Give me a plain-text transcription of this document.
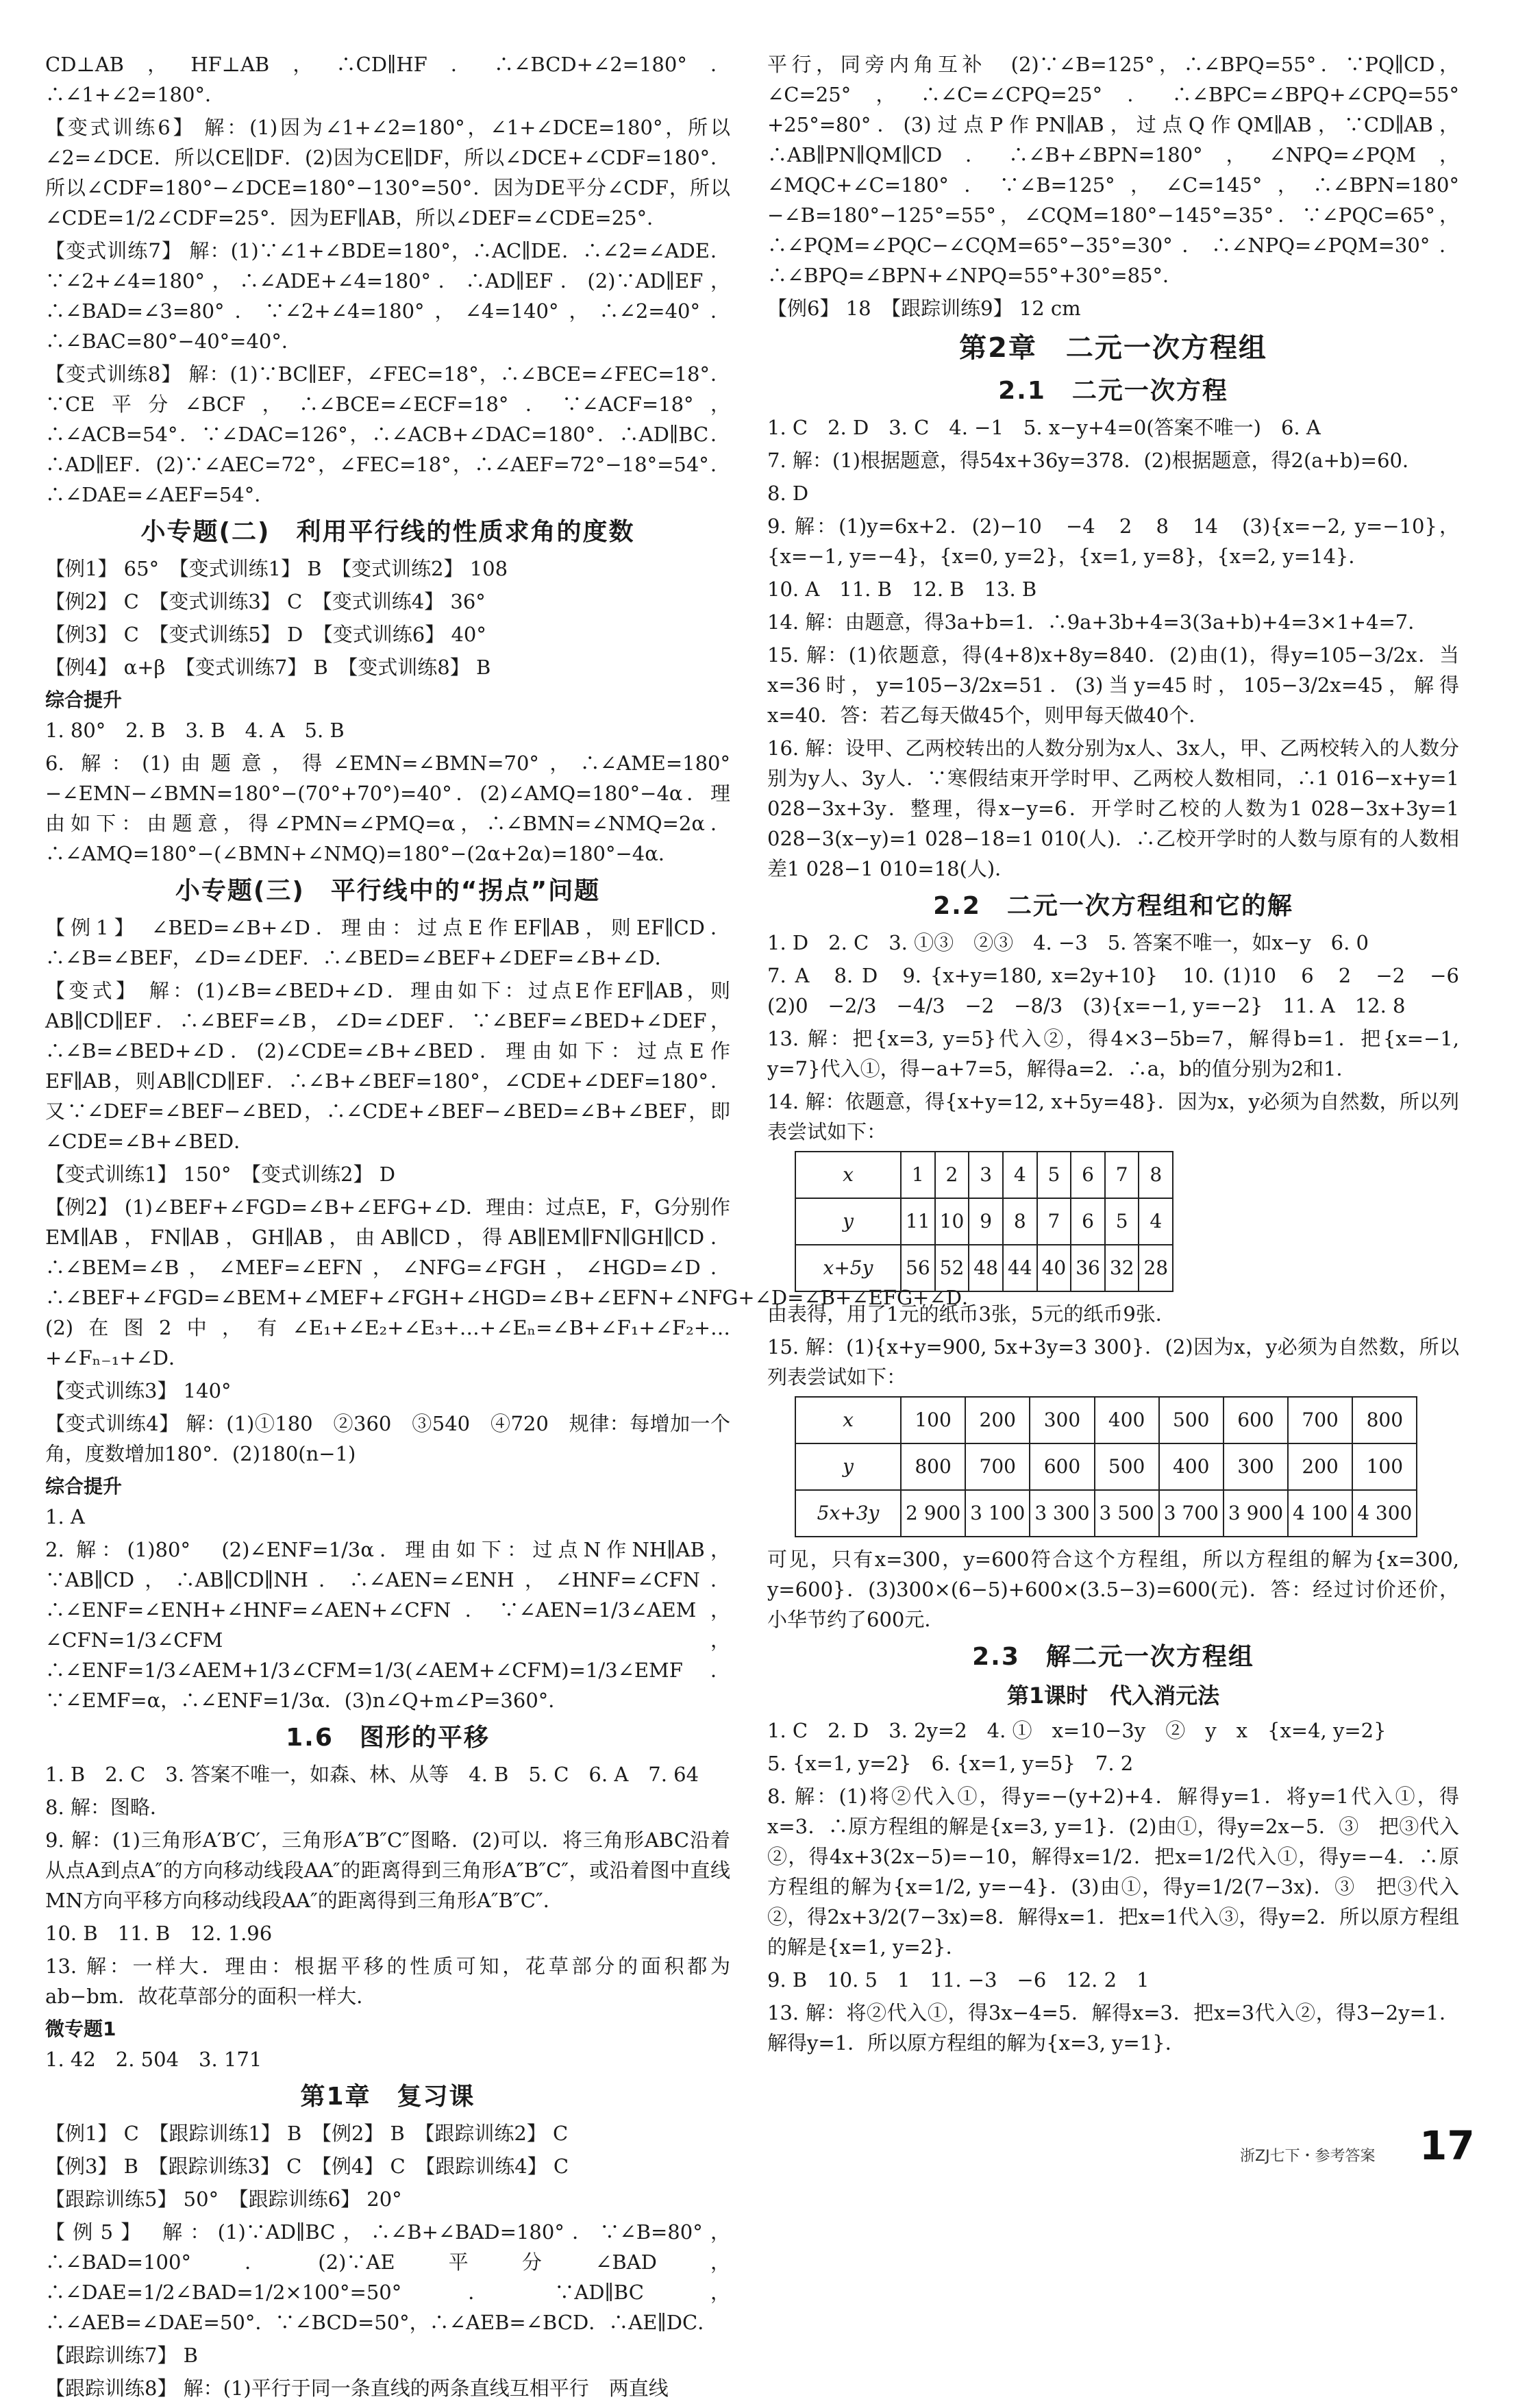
CD⊥AB，HF⊥AB，∴CD∥HF．∴∠BCD+∠2=180°．∴∠1+∠2=180°．

【变式训练6】 解：(1)因为∠1+∠2=180°，∠1+∠DCE=180°，所以∠2=∠DCE．所以CE∥DF．(2)因为CE∥DF，所以∠DCE+∠CDF=180°．所以∠CDF=180°−∠DCE=180°−130°=50°．因为DE平分∠CDF，所以∠CDE=1/2∠CDF=25°．因为EF∥AB，所以∠DEF=∠CDE=25°．

【变式训练7】 解：(1)∵∠1+∠BDE=180°，∴AC∥DE．∴∠2=∠ADE．∵∠2+∠4=180°，∴∠ADE+∠4=180°．∴AD∥EF．(2)∵AD∥EF，∴∠BAD=∠3=80°．∵∠2+∠4=180°，∠4=140°，∴∠2=40°．∴∠BAC=80°−40°=40°．

【变式训练8】 解：(1)∵BC∥EF，∠FEC=18°，∴∠BCE=∠FEC=18°．∵CE平分∠BCF，∴∠BCE=∠ECF=18°．∵∠ACF=18°，∴∠ACB=54°．∵∠DAC=126°，∴∠ACB+∠DAC=180°．∴AD∥BC．∴AD∥EF．(2)∵∠AEC=72°，∠FEC=18°，∴∠AEF=72°−18°=54°．∴∠DAE=∠AEF=54°．

小专题(二)　利用平行线的性质求角的度数

【例1】 65°　【变式训练1】 B　【变式训练2】 108

【例2】 C　【变式训练3】 C　【变式训练4】 36°

【例3】 C　【变式训练5】 D　【变式训练6】 40°

【例4】 α+β　【变式训练7】 B　【变式训练8】 B

综合提升

1. 80°　2. B　3. B　4. A　5. B

6. 解：(1)由题意，得∠EMN=∠BMN=70°，∴∠AME=180°−∠EMN−∠BMN=180°−(70°+70°)=40°．(2)∠AMQ=180°−4α．理由如下：由题意，得∠PMN=∠PMQ=α，∴∠BMN=∠NMQ=2α．∴∠AMQ=180°−(∠BMN+∠NMQ)=180°−(2α+2α)=180°−4α．

小专题(三)　平行线中的“拐点”问题

【例1】 ∠BED=∠B+∠D．理由：过点E作EF∥AB，则EF∥CD．∴∠B=∠BEF，∠D=∠DEF．∴∠BED=∠BEF+∠DEF=∠B+∠D．

【变式】 解：(1)∠B=∠BED+∠D．理由如下：过点E作EF∥AB，则AB∥CD∥EF．∴∠BEF=∠B，∠D=∠DEF．∵∠BEF=∠BED+∠DEF，∴∠B=∠BED+∠D．(2)∠CDE=∠B+∠BED．理由如下：过点E作EF∥AB，则AB∥CD∥EF．∴∠B+∠BEF=180°，∠CDE+∠DEF=180°．又∵∠DEF=∠BEF−∠BED，∴∠CDE+∠BEF−∠BED=∠B+∠BEF，即∠CDE=∠B+∠BED．

【变式训练1】 150°　【变式训练2】 D

【例2】 (1)∠BEF+∠FGD=∠B+∠EFG+∠D．理由：过点E，F，G分别作EM∥AB，FN∥AB，GH∥AB，由AB∥CD，得AB∥EM∥FN∥GH∥CD．∴∠BEM=∠B，∠MEF=∠EFN，∠NFG=∠FGH，∠HGD=∠D．∴∠BEF+∠FGD=∠BEM+∠MEF+∠FGH+∠HGD=∠B+∠EFN+∠NFG+∠D=∠B+∠EFG+∠D．(2)在图2中，有∠E₁+∠E₂+∠E₃+…+∠Eₙ=∠B+∠F₁+∠F₂+…+∠Fₙ₋₁+∠D．

【变式训练3】 140°

【变式训练4】 解：(1)①180　②360　③540　④720　规律：每增加一个角，度数增加180°．(2)180(n−1)

综合提升

1. A

2. 解：(1)80°　(2)∠ENF=1/3α．理由如下：过点N作NH∥AB，∵AB∥CD，∴AB∥CD∥NH．∴∠AEN=∠ENH，∠HNF=∠CFN．∴∠ENF=∠ENH+∠HNF=∠AEN+∠CFN．∵∠AEN=1/3∠AEM，∠CFN=1/3∠CFM，∴∠ENF=1/3∠AEM+1/3∠CFM=1/3(∠AEM+∠CFM)=1/3∠EMF．∵∠EMF=α，∴∠ENF=1/3α．(3)n∠Q+m∠P=360°．

1.6　图形的平移

1. B　2. C　3. 答案不唯一，如森、林、从等　4. B　5. C　6. A　7. 64

8. 解：图略．

9. 解：(1)三角形A′B′C′，三角形A″B″C″图略．(2)可以．将三角形ABC沿着从点A到点A″的方向移动线段AA″的距离得到三角形A″B″C″，或沿着图中直线MN方向平移方向移动线段AA″的距离得到三角形A″B″C″．

10. B　11. B　12. 1.96

13. 解：一样大．理由：根据平移的性质可知，花草部分的面积都为ab−bm．故花草部分的面积一样大．

微专题1

1. 42　2. 504　3. 171

第1章　复习课

【例1】 C　【跟踪训练1】 B　【例2】 B　【跟踪训练2】 C

【例3】 B　【跟踪训练3】 C　【例4】 C　【跟踪训练4】 C

【跟踪训练5】 50°　【跟踪训练6】 20°

【例5】 解：(1)∵AD∥BC，∴∠B+∠BAD=180°．∵∠B=80°，∴∠BAD=100°．(2)∵AE平分∠BAD，∴∠DAE=1/2∠BAD=1/2×100°=50°．∵AD∥BC，∴∠AEB=∠DAE=50°．∵∠BCD=50°，∴∠AEB=∠BCD．∴AE∥DC．

【跟踪训练7】 B

【跟踪训练8】 解：(1)平行于同一条直线的两条直线互相平行　两直线

平行，同旁内角互补　(2)∵∠B=125°，∴∠BPQ=55°．∵PQ∥CD，∠C=25°，∴∠C=∠CPQ=25°．∴∠BPC=∠BPQ+∠CPQ=55°+25°=80°．(3)过点P作PN∥AB，过点Q作QM∥AB，∵CD∥AB，∴AB∥PN∥QM∥CD．∴∠B+∠BPN=180°，∠NPQ=∠PQM，∠MQC+∠C=180°．∵∠B=125°，∠C=145°，∴∠BPN=180°−∠B=180°−125°=55°，∠CQM=180°−145°=35°．∵∠PQC=65°，∴∠PQM=∠PQC−∠CQM=65°−35°=30°．∴∠NPQ=∠PQM=30°．∴∠BPQ=∠BPN+∠NPQ=55°+30°=85°．

【例6】 18　【跟踪训练9】 12 cm

第2章　二元一次方程组
2.1　二元一次方程

1. C　2. D　3. C　4. −1　5. x−y+4=0(答案不唯一)　6. A

7. 解：(1)根据题意，得54x+36y=378．(2)根据题意，得2(a+b)=60．

8. D

9. 解：(1)y=6x+2．(2)−10　−4　2　8　14　(3){x=−2, y=−10}，{x=−1, y=−4}，{x=0, y=2}，{x=1, y=8}，{x=2, y=14}．

10. A　11. B　12. B　13. B

14. 解：由题意，得3a+b=1．∴9a+3b+4=3(3a+b)+4=3×1+4=7．

15. 解：(1)依题意，得(4+8)x+8y=840．(2)由(1)，得y=105−3/2x．当x=36时，y=105−3/2x=51．(3)当y=45时，105−3/2x=45，解得x=40．答：若乙每天做45个，则甲每天做40个．

16. 解：设甲、乙两校转出的人数分别为x人、3x人，甲、乙两校转入的人数分别为y人、3y人．∵寒假结束开学时甲、乙两校人数相同，∴1 016−x+y=1 028−3x+3y．整理，得x−y=6．开学时乙校的人数为1 028−3x+3y=1 028−3(x−y)=1 028−18=1 010(人)．∴乙校开学时的人数与原有的人数相差1 028−1 010=18(人)．

2.2　二元一次方程组和它的解

1. D　2. C　3. ①③　②③　4. −3　5. 答案不唯一，如x−y　6. 0

7. A　8. D　9. {x+y=180, x=2y+10}　10. (1)10　6　2　−2　−6　(2)0　−2/3　−4/3　−2　−8/3　(3){x=−1, y=−2}　11. A　12. 8

13. 解：把{x=3, y=5}代入②，得4×3−5b=7，解得b=1．把{x=−1, y=7}代入①，得−a+7=5，解得a=2．∴a，b的值分别为2和1．

14. 解：依题意，得{x+y=12, x+5y=48}．因为x，y必须为自然数，所以列表尝试如下：

x	1	2	3	4	5	6	7	8
y	11	10	9	8	7	6	5	4
x+5y	56	52	48	44	40	36	32	28

由表得，用了1元的纸币3张，5元的纸币9张．

15. 解：(1){x+y=900, 5x+3y=3 300}．(2)因为x，y必须为自然数，所以列表尝试如下：

x	100	200	300	400	500	600	700	800
y	800	700	600	500	400	300	200	100
5x+3y	2 900	3 100	3 300	3 500	3 700	3 900	4 100	4 300

可见，只有x=300，y=600符合这个方程组，所以方程组的解为{x=300, y=600}．(3)300×(6−5)+600×(3.5−3)=600(元)．答：经过讨价还价，小华节约了600元．

2.3　解二元一次方程组
第1课时　代入消元法

1. C　2. D　3. 2y=2　4. ①　x=10−3y　②　y　x　{x=4, y=2}

5. {x=1, y=2}　6. {x=1, y=5}　7. 2

8. 解：(1)将②代入①，得y=−(y+2)+4．解得y=1．将y=1代入①，得x=3．∴原方程组的解是{x=3, y=1}．(2)由①，得y=2x−5．③　把③代入②，得4x+3(2x−5)=−10，解得x=1/2．把x=1/2代入①，得y=−4．∴原方程组的解为{x=1/2, y=−4}．(3)由①，得y=1/2(7−3x)．③　把③代入②，得2x+3/2(7−3x)=8．解得x=1．把x=1代入③，得y=2．所以原方程组的解是{x=1, y=2}．

9. B　10. 5　1　11. −3　−6　12. 2　1

13. 解：将②代入①，得3x−4=5．解得x=3．把x=3代入②，得3−2y=1．解得y=1．所以原方程组的解为{x=3, y=1}．

浙ZJ七下・参考答案 17
